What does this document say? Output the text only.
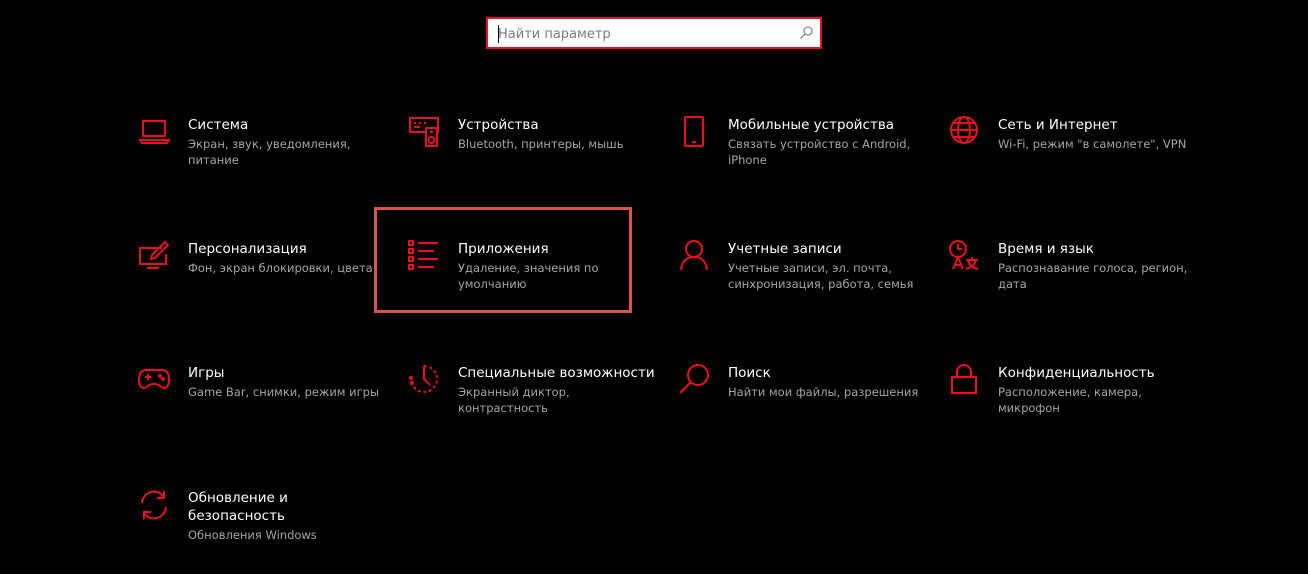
Найти параметр

Система

Экран, звук, уведомления, питание

Устройства

Bluetooth, принтеры, мышь

Мобильные устройства

Связать устройство с Android, iPhone

Сеть и Интернет

Wi-Fi, режим "в самолете", VPN

Персонализация

Фон, экран блокировки, цвета

Приложения

Удаление, значения по умолчанию

Учетные записи

Учетные записи, эл. почта, синхронизация, работа, семья

Время и язык

Распознавание голоса, регион, дата

Игры

Game Bar, снимки, режим игры

Специальные возможности

Экранный диктор, контрастность

Поиск

Найти мои файлы, разрешения

Конфиденциальность

Расположение, камера, микрофон

Обновление и безопасность

Обновления Windows
